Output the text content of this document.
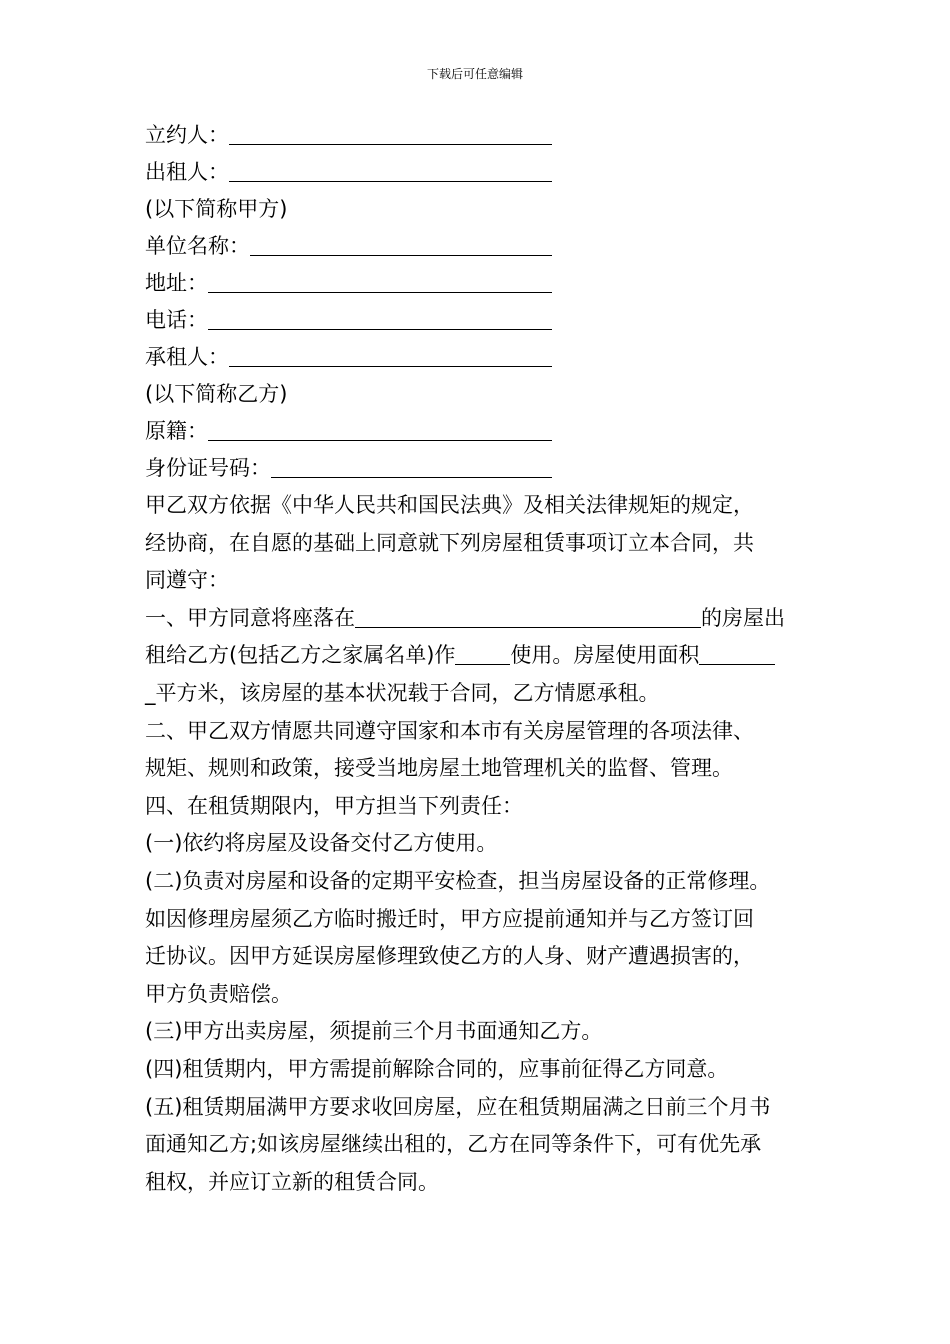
下载后可任意编辑
立约人：
出租人：
(以下简称甲方)
单位名称：
地址：
电话：
承租人：
(以下简称乙方)
原籍：
身份证号码：
甲乙双方依据《中华人民共和国民法典》及相关法律规矩的规定，
经协商，在自愿的基础上同意就下列房屋租赁事项订立本合同，共
同遵守：
一、甲方同意将座落在	的房屋出
租给乙方(包括乙方之家属名单)作	使用。房屋使用面积
_平方米，该房屋的基本状况载于合同，乙方情愿承租。
二、甲乙双方情愿共同遵守国家和本市有关房屋管理的各项法律、
规矩、规则和政策，接受当地房屋土地管理机关的监督、管理。
四、在租赁期限内，甲方担当下列责任：
(一)依约将房屋及设备交付乙方使用。
(二)负责对房屋和设备的定期平安检查，担当房屋设备的正常修理。
如因修理房屋须乙方临时搬迁时，甲方应提前通知并与乙方签订回
迁协议。因甲方延误房屋修理致使乙方的人身、财产遭遇损害的，
甲方负责赔偿。
(三)甲方出卖房屋，须提前三个月书面通知乙方。
(四)租赁期内，甲方需提前解除合同的，应事前征得乙方同意。
(五)租赁期届满甲方要求收回房屋，应在租赁期届满之日前三个月书
面通知乙方;如该房屋继续出租的，乙方在同等条件下，可有优先承
租权，并应订立新的租赁合同。
